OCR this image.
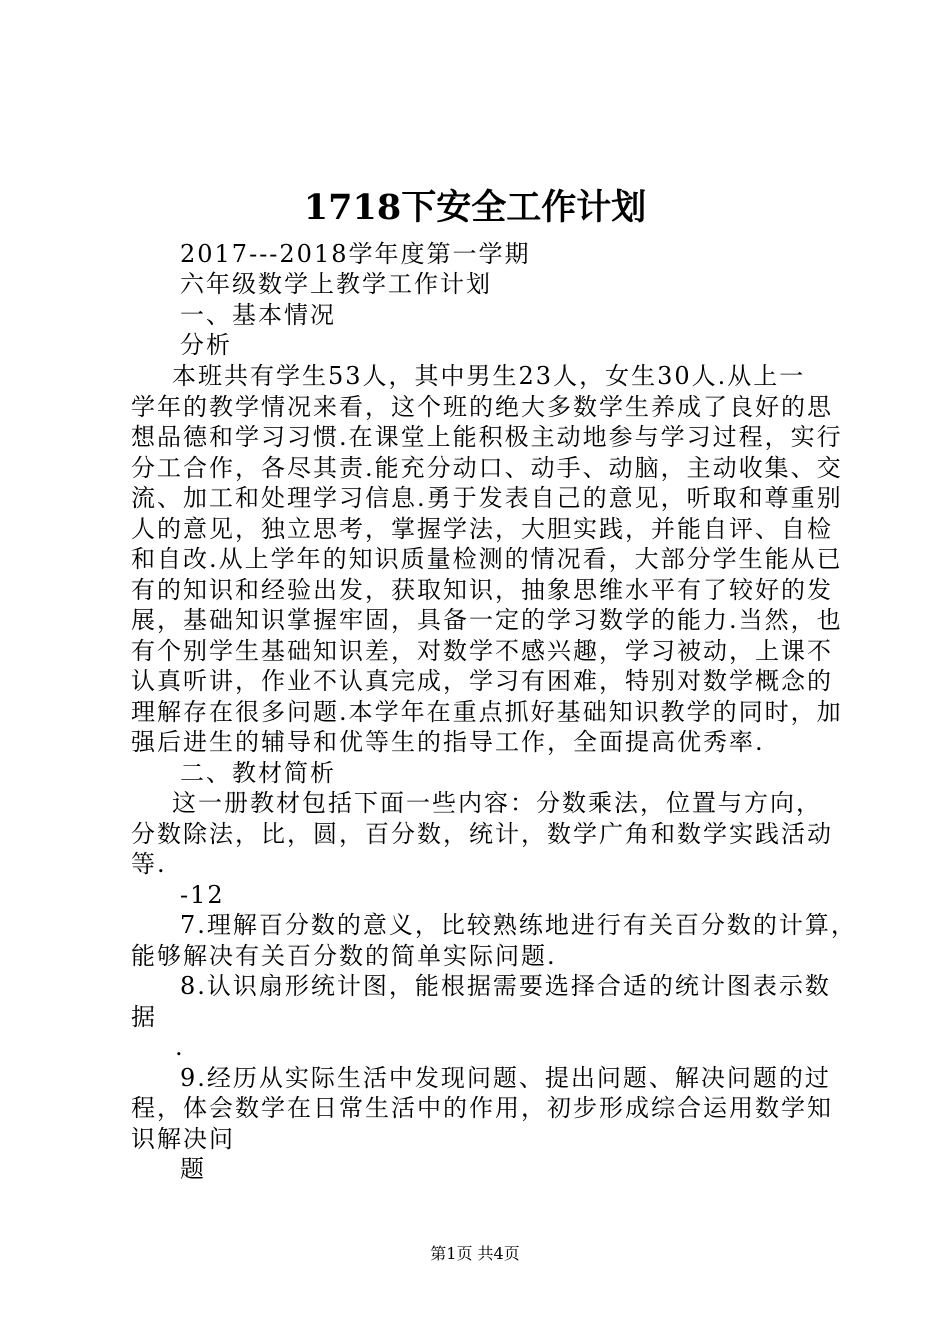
1718下安全工作计划
2017---2018学年度第一学期
六年级数学上教学工作计划
一、基本情况
分析
本班共有学生53人，其中男生23人，女生30人.从上一
学年的教学情况来看，这个班的绝大多数学生养成了良好的思
想品德和学习习惯.在课堂上能积极主动地参与学习过程，实行
分工合作，各尽其责.能充分动口、动手、动脑，主动收集、交
流、加工和处理学习信息.勇于发表自己的意见，听取和尊重别
人的意见，独立思考，掌握学法，大胆实践，并能自评、自检
和自改.从上学年的知识质量检测的情况看，大部分学生能从已
有的知识和经验出发，获取知识，抽象思维水平有了较好的发
展，基础知识掌握牢固，具备一定的学习数学的能力.当然，也
有个别学生基础知识差，对数学不感兴趣，学习被动，上课不
认真听讲，作业不认真完成，学习有困难，特别对数学概念的
理解存在很多问题.本学年在重点抓好基础知识教学的同时，加
强后进生的辅导和优等生的指导工作，全面提高优秀率.
二、教材简析
这一册教材包括下面一些内容：分数乘法，位置与方向，
分数除法，比，圆，百分数，统计，数学广角和数学实践活动
等.
-12
7.理解百分数的意义，比较熟练地进行有关百分数的计算，
能够解决有关百分数的简单实际问题.
8.认识扇形统计图，能根据需要选择合适的统计图表示数
据
.
9.经历从实际生活中发现问题、提出问题、解决问题的过
程，体会数学在日常生活中的作用，初步形成综合运用数学知
识解决问
题
第1页 共4页
